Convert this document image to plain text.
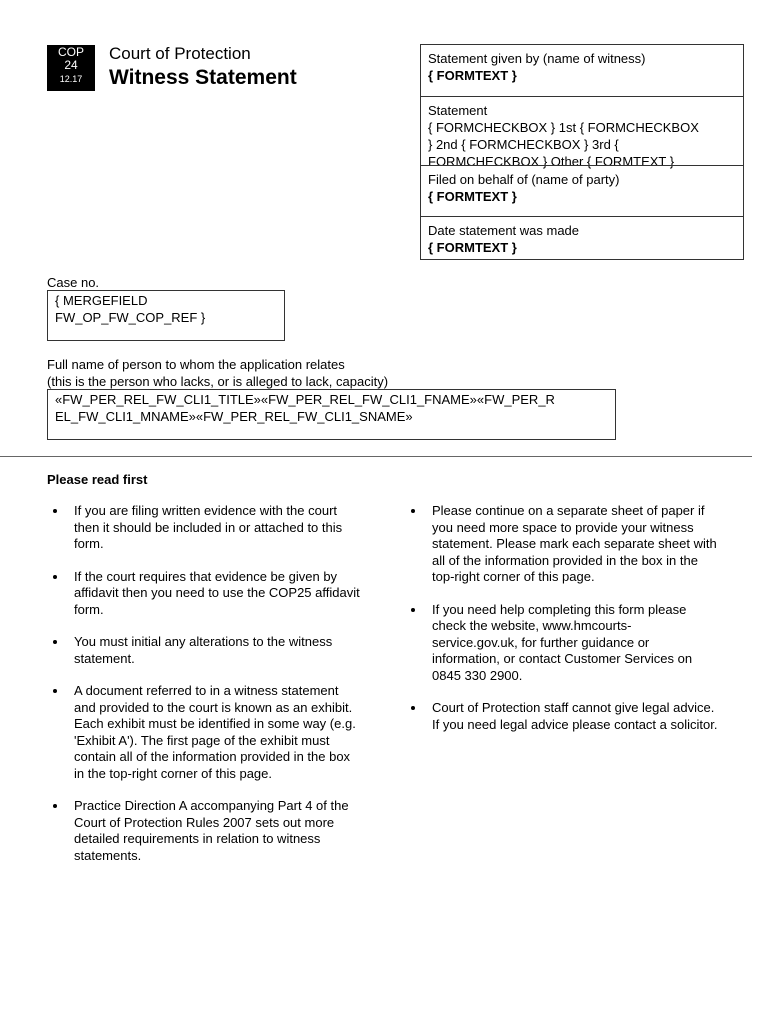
COP
24
12.17
Court of Protection
Witness Statement
Statement given by (name of witness)
{ FORMTEXT }
Statement
{ FORMCHECKBOX } 1st { FORMCHECKBOX
} 2nd { FORMCHECKBOX } 3rd {
FORMCHECKBOX } Other { FORMTEXT }
Filed on behalf of (name of party)
{ FORMTEXT }
Date statement was made
{ FORMTEXT }
Case no.
{ MERGEFIELD
FW_OP_FW_COP_REF }
Full name of person to whom the application relates
(this is the person who lacks, or is alleged to lack, capacity)
«FW_PER_REL_FW_CLI1_TITLE»«FW_PER_REL_FW_CLI1_FNAME»«FW_PER_R
EL_FW_CLI1_MNAME»«FW_PER_REL_FW_CLI1_SNAME»
Please read first
If you are filing written evidence with the court
then it should be included in or attached to this
form.
If the court requires that evidence be given by
affidavit then you need to use the COP25 affidavit
form.
You must initial any alterations to the witness
statement.
A document referred to in a witness statement
and provided to the court is known as an exhibit.
Each exhibit must be identified in some way (e.g.
'Exhibit A'). The first page of the exhibit must
contain all of the information provided in the box
in the top-right corner of this page.
Practice Direction A accompanying Part 4 of the
Court of Protection Rules 2007 sets out more
detailed requirements in relation to witness
statements.
Please continue on a separate sheet of paper if
you need more space to provide your witness
statement. Please mark each separate sheet with
all of the information provided in the box in the
top-right corner of this page.
If you need help completing this form please
check the website, www.hmcourts-
service.gov.uk, for further guidance or
information, or contact Customer Services on
0845 330 2900.
Court of Protection staff cannot give legal advice.
If you need legal advice please contact a solicitor.
